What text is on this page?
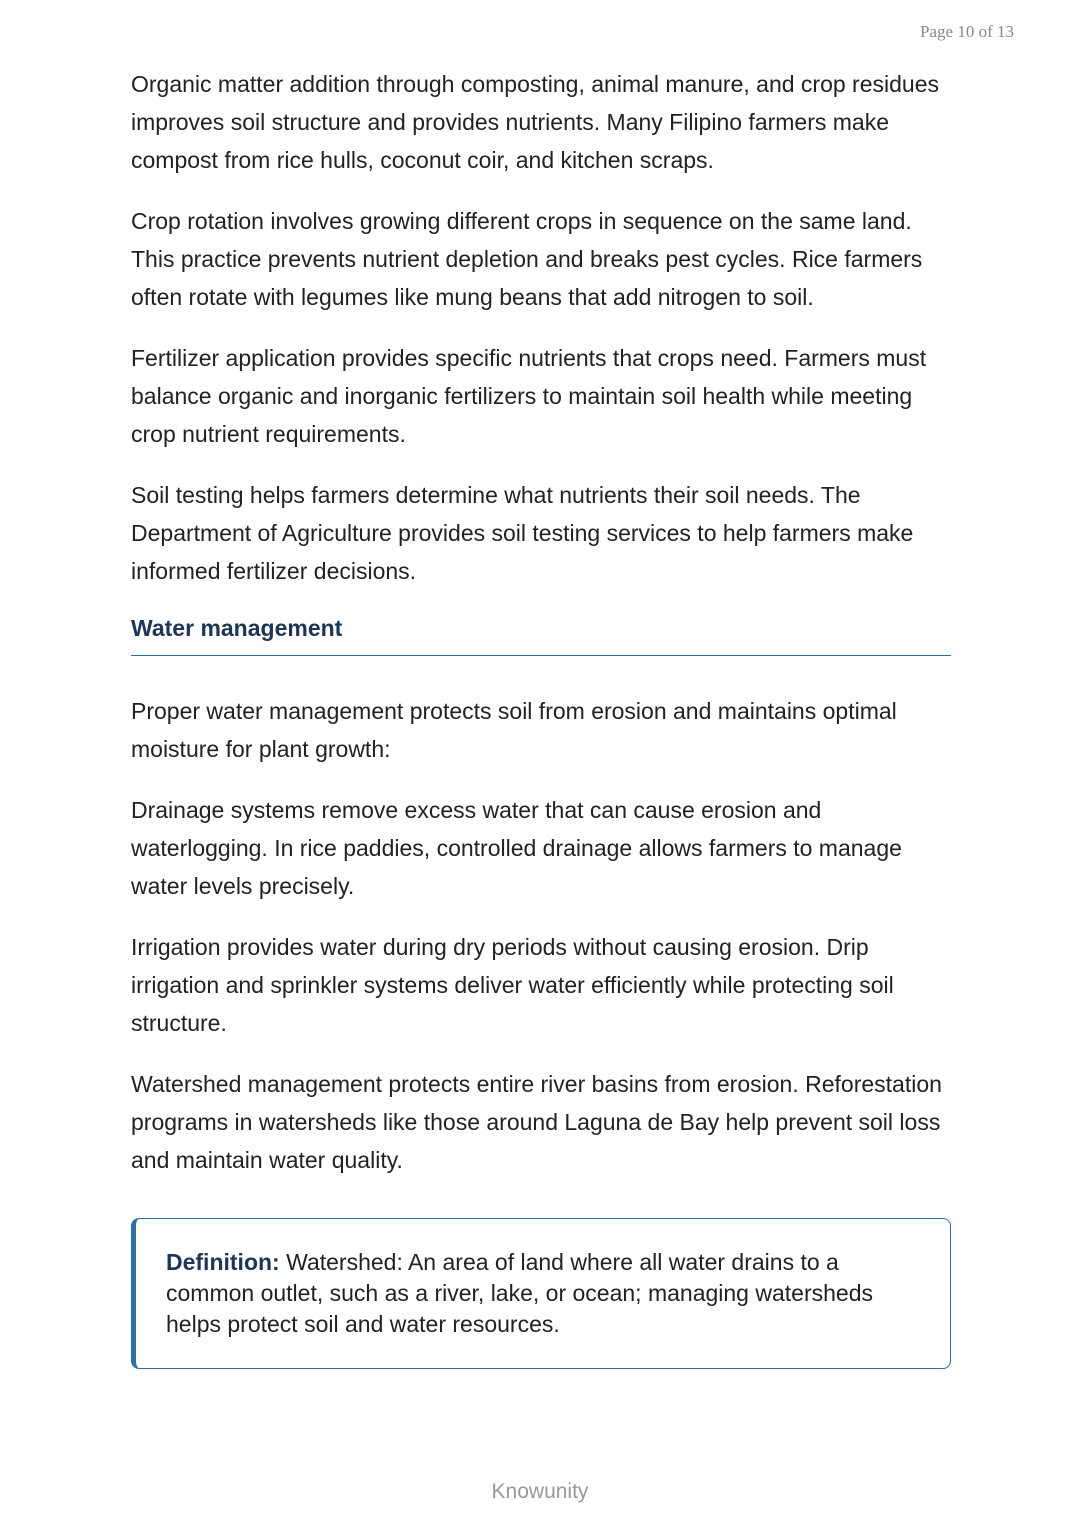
Page 10 of 13

Organic matter addition through composting, animal manure, and crop residues improves soil structure and provides nutrients. Many Filipino farmers make compost from rice hulls, coconut coir, and kitchen scraps.

Crop rotation involves growing different crops in sequence on the same land. This practice prevents nutrient depletion and breaks pest cycles. Rice farmers often rotate with legumes like mung beans that add nitrogen to soil.

Fertilizer application provides specific nutrients that crops need. Farmers must balance organic and inorganic fertilizers to maintain soil health while meeting crop nutrient requirements.

Soil testing helps farmers determine what nutrients their soil needs. The Department of Agriculture provides soil testing services to help farmers make informed fertilizer decisions.

Water management

Proper water management protects soil from erosion and maintains optimal moisture for plant growth:

Drainage systems remove excess water that can cause erosion and waterlogging. In rice paddies, controlled drainage allows farmers to manage water levels precisely.

Irrigation provides water during dry periods without causing erosion. Drip irrigation and sprinkler systems deliver water efficiently while protecting soil structure.

Watershed management protects entire river basins from erosion. Reforestation programs in watersheds like those around Laguna de Bay help prevent soil loss and maintain water quality.

Definition: Watershed: An area of land where all water drains to a common outlet, such as a river, lake, or ocean; managing watersheds helps protect soil and water resources.
Knowunity
